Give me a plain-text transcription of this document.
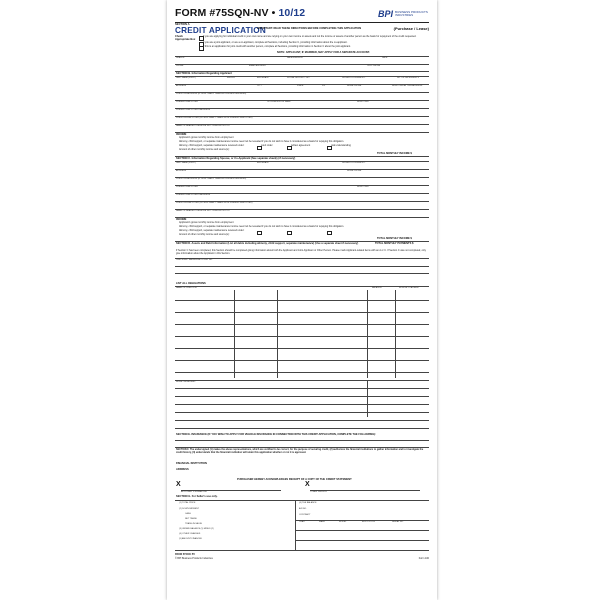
FORM #75SQN-NV • 10/12	BPI BUSINESS PRODUCTS INDUSTRIES
SECTION A
CREDIT APPLICATION
IMPORTANT: READ THESE DIRECTIONS BEFORE COMPLETING THIS APPLICATION	(Purchase / Lease)
Check Appropriate Box
If you are applying for individual credit in your own name and are relying on your own income or assets and not the income or assets of another person as the basis for repayment of the credit requested.
If you are a joint applicant, or are a co-applicant, complete all Sections, including Section C, providing information about the co-applicant.
If this is an application for joint credit with another person, complete all Sections, providing information in Section C about the joint applicant.
NOTE: APPLICANT, IF MARRIED, MAY APPLY FOR A SEPARATE ACCOUNT.
DEALER	SALESPERSON	DATE
PHONE	EMAIL ADDRESS	CELL PHONE
SECTION B. Information Regarding Applicant
LAST NAME (FIRST)	MIDDLE	BIRTHDATE	SOCIAL SECURITY NO.	DRIVER'S LICENSE NO.	NO. OF DEPENDENTS
ADDRESS	CITY	STATE	ZIP	HOME PHONE	HOW LONG AT THIS ADDRESS
PREVIOUS ADDRESS (IF LESS THAN 2 YEARS AT PRESENT ADDRESS)
PRESENT EMPLOYER	OCCUPATION OR RANK	HOW LONG
PRESENT EMPLOYER'S ADDRESS
PREVIOUS EMPLOYER (IF LESS THAN 2 YEARS WITH PRESENT EMPLOYER)
NAME OF NEAREST RELATIVE NOT LIVING WITH YOU
INCOME
Applicant's gross monthly income from employment
Alimony, child support, or separate maintenance income need not be revealed if you do not wish to have it considered as a basis for repaying this obligation.
Alimony, child support, separate maintenance received under:	court order	written agreement	oral understanding
Amount of other monthly income and source(s):
TOTAL MONTHLY INCOME $
SECTION C. Information Regarding Spouse, or Co-Applicant (See separate sheet(s) if necessary)
LAST NAME (FIRST)	BIRTHDATE	DRIVER'S LICENSE NO.
ADDRESS	HOME PHONE
PREVIOUS ADDRESS (IF LESS THAN 2 YEARS AT PRESENT ADDRESS)
PRESENT EMPLOYER	HOW LONG
PRESENT EMPLOYER'S ADDRESS
PREVIOUS EMPLOYER (IF LESS THAN 2 YEARS WITH PRESENT EMPLOYER)
NAME OF NEAREST RELATIVE NOT LIVING WITH YOU
INCOME
Applicant's gross monthly income from employment
Alimony, child support, or separate maintenance income need not be revealed if you do not wish to have it considered as a basis for repaying this obligation.
Alimony, child support, separate maintenance received under:
Amount of other monthly income and source(s):
TOTAL MONTHLY INCOME $
SECTION D. Assets and Debt Information (List all debts including alimony, child support, separate maintenance) (Use a separate sheet if necessary)	TOTAL MONTHLY PAYMENTS $
If Section C has been completed, this Section should be completed giving information about both the Applicant and Joint Applicant or Other Person. Please mark Applicant-related items with an A or C. If Section C was not completed, only give information about the Applicant in this Section.
CHECKING / SAVINGS ACCOUNT NO.
LIST ALL OBLIGATIONS
NAME OF CREDITOR	BALANCE	MONTHLY PAYMENT
HOME OWNERSHIP
SECTION E. INSURANCE (IF YOU WISH TO APPLY FOR VEHICLE INSURANCE IN CONNECTION WITH THIS CREDIT APPLICATION, COMPLETE THE FOLLOWING):
SECTION F. The undersigned (1) makes the above representations, which are certified to be correct, for the purpose of securing credit, (2) authorizes the financial institutions to gather information and to investigate the credit history, (3) understands that the financial institution will retain this application whether or not it is approved.
FINANCIAL INSTITUTION
ADDRESS
PURCHASER HEREBY ACKNOWLEDGES RECEIPT OF A COPY OF THE CREDIT STATEMENT
X
APPLICANT'S SIGNATURE
X
OTHER PERSON
SECTION G. For Seller's use only.
(1) TOTAL PRICE
(2) DOWN PAYMENT
CASH
NET TRADE
TRADE-IN VALUE
(3) UNPAID BALANCE (1) MINUS (2)
(4) OTHER CHARGES
(5) AMOUNT FINANCED
(6) THE BALANCE
A/R NO.
CONTRACT
YEAR	MAKE	MODEL	BODY STYLE	SERIAL NO.
FROM STOCK BY
© BPI Business Products Industries	Form 100
